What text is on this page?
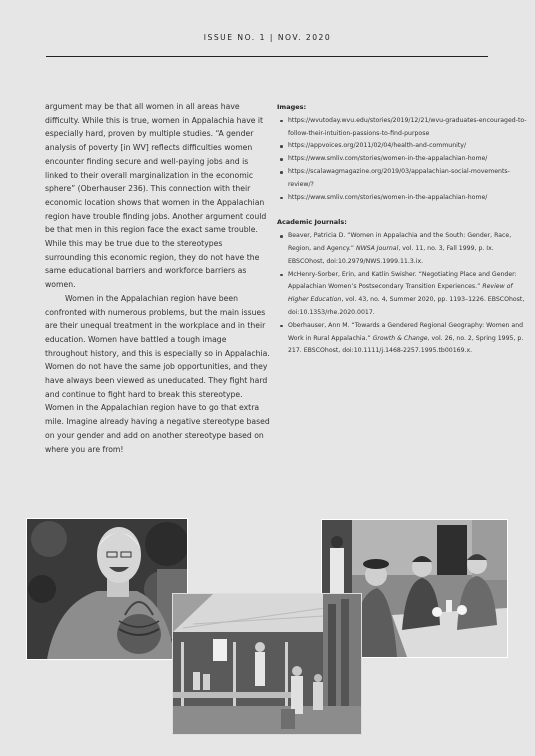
ISSUE NO. 1 | NOV. 2020

argument may be that all women in all areas have difficulty. While this is true, women in Appalachia have it especially hard, proven by multiple studies. “A gender analysis of poverty [in WV] reflects difficulties women encounter finding secure and well-paying jobs and is linked to their overall marginalization in the economic sphere” (Oberhauser 236). This connection with their economic location shows that women in the Appalachian region have trouble finding jobs. Another argument could be that men in this region face the exact same trouble. While this may be true due to the stereotypes surrounding this economic region, they do not have the same educational barriers and workforce barriers as women.

Women in the Appalachian region have been confronted with numerous problems, but the main issues are their unequal treatment in the workplace and in their education. Women have battled a tough image throughout history, and this is especially so in Appalachia. Women do not have the same job opportunities, and they have always been viewed as uneducated. They fight hard and continue to fight hard to break this stereotype. Women in the Appalachian region have to go that extra mile. Imagine already having a negative stereotype based on your gender and add on another stereotype based on where you are from!

Images:
https://wvutoday.wvu.edu/stories/2019/12/21/wvu-graduates-encouraged-to-follow-their-intuition-passions-to-find-purpose
https://appvoices.org/2011/02/04/health-and-community/
https://www.smliv.com/stories/women-in-the-appalachian-home/
https://scalawagmagazine.org/2019/03/appalachian-social-movements-review/?
https://www.smliv.com/stories/women-in-the-appalachian-home/
Academic Journals:
Beaver, Patricia D. “Women in Appalachia and the South: Gender, Race, Region, and Agency.” NWSA Journal, vol. 11, no. 3, Fall 1999, p. Ix. EBSCOhost, doi:10.2979/NWS.1999.11.3.ix.
McHenry-Sorber, Erin, and Katlin Swisher. “Negotiating Place and Gender: Appalachian Women’s Postsecondary Transition Experiences.” Review of Higher Education, vol. 43, no. 4, Summer 2020, pp. 1193–1226. EBSCOhost, doi:10.1353/rhe.2020.0017.
Oberhauser, Ann M. “Towards a Gendered Regional Geography: Women and Work in Rural Appalachia.” Growth & Change, vol. 26, no. 2, Spring 1995, p. 217. EBSCOhost, doi:10.1111/j.1468-2257.1995.tb00169.x.
